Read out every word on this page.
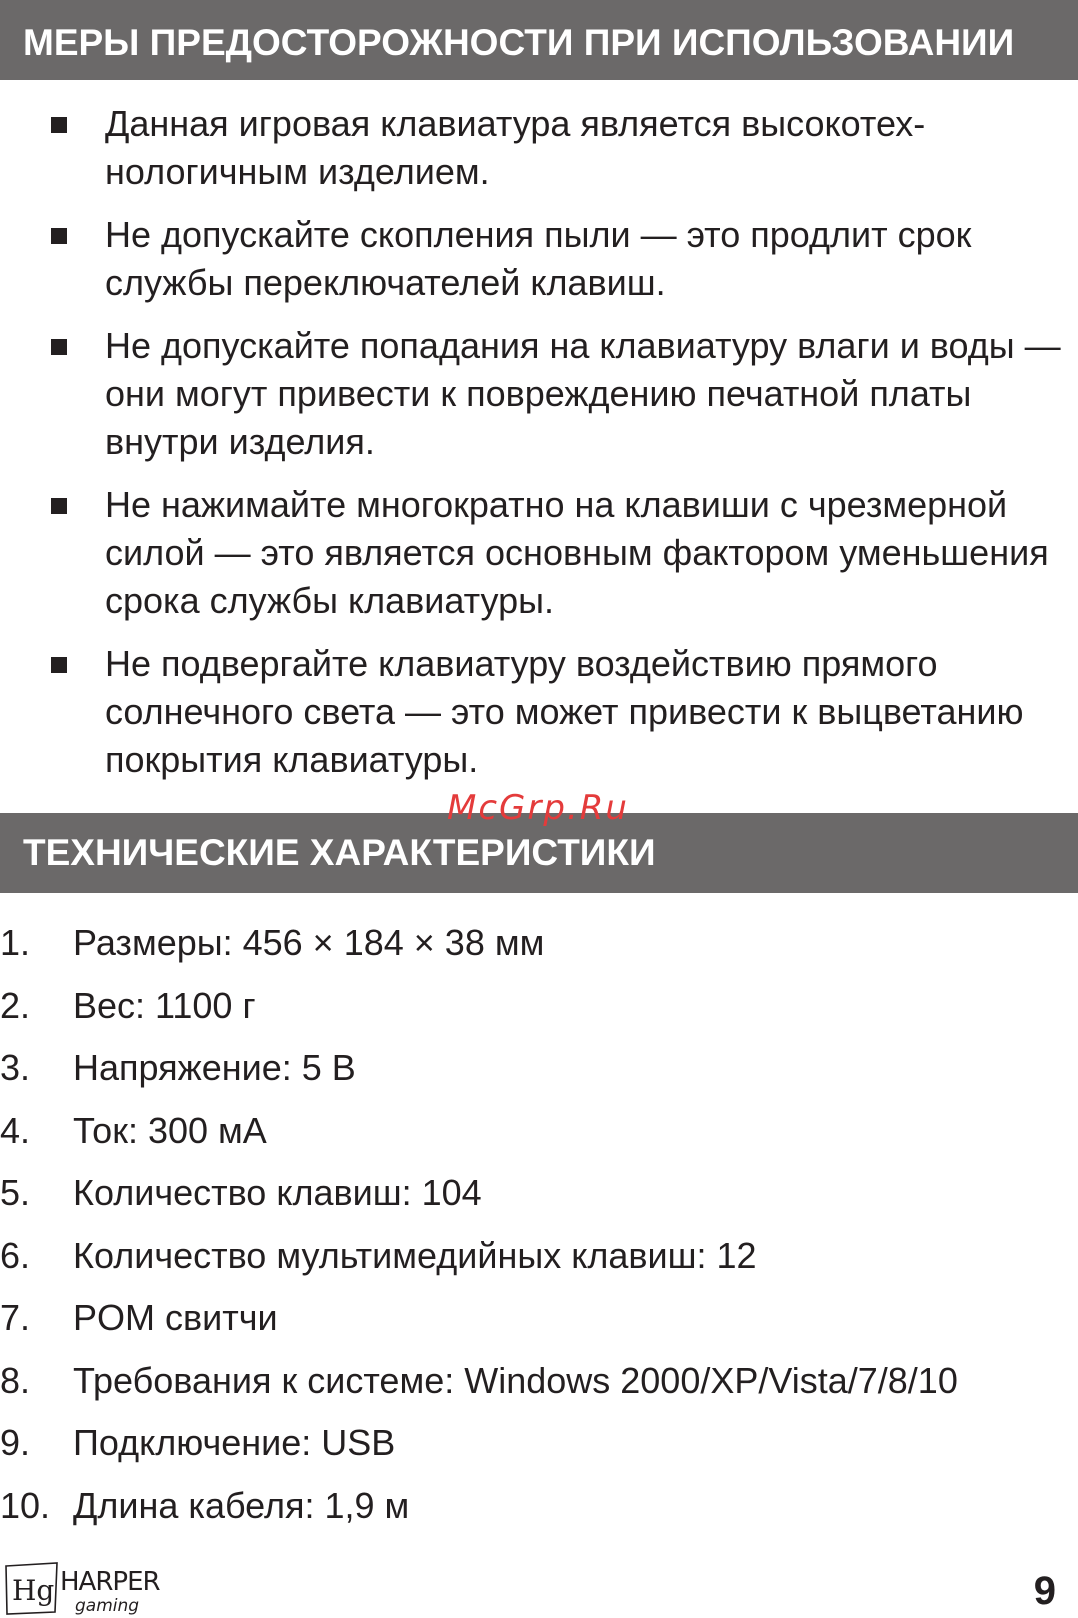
МЕРЫ ПРЕДОСТОРОЖНОСТИ ПРИ ИСПОЛЬЗОВАНИИ
Данная игровая клавиатура является высокотехнологичным изделием.
Не допускайте скопления пыли — это продлит срок службы переключателей клавиш.
Не допускайте попадания на клавиатуру влаги и воды — они могут привести к повреждению печатной платы внутри изделия.
Не нажимайте многократно на клавиши с чрезмерной силой — это является основным фактором уменьшения срока службы клавиатуры.
Не подвергайте клавиатуру воздействию прямого солнечного света — это может привести к выцветанию покрытия клавиатуры.
McGrp.Ru
ТЕХНИЧЕСКИЕ ХАРАКТЕРИСТИКИ
1. Размеры: 456 × 184 × 38 мм
2. Вес: 1100 г
3. Напряжение: 5 В
4. Ток: 300 мА
5. Количество клавиш: 104
6. Количество мультимедийных клавиш: 12
7. POM свитчи
8. Требования к системе: Windows 2000/XP/Vista/7/8/10
9. Подключение: USB
10. Длина кабеля: 1,9 м
Hg HARPER
gaming	9
